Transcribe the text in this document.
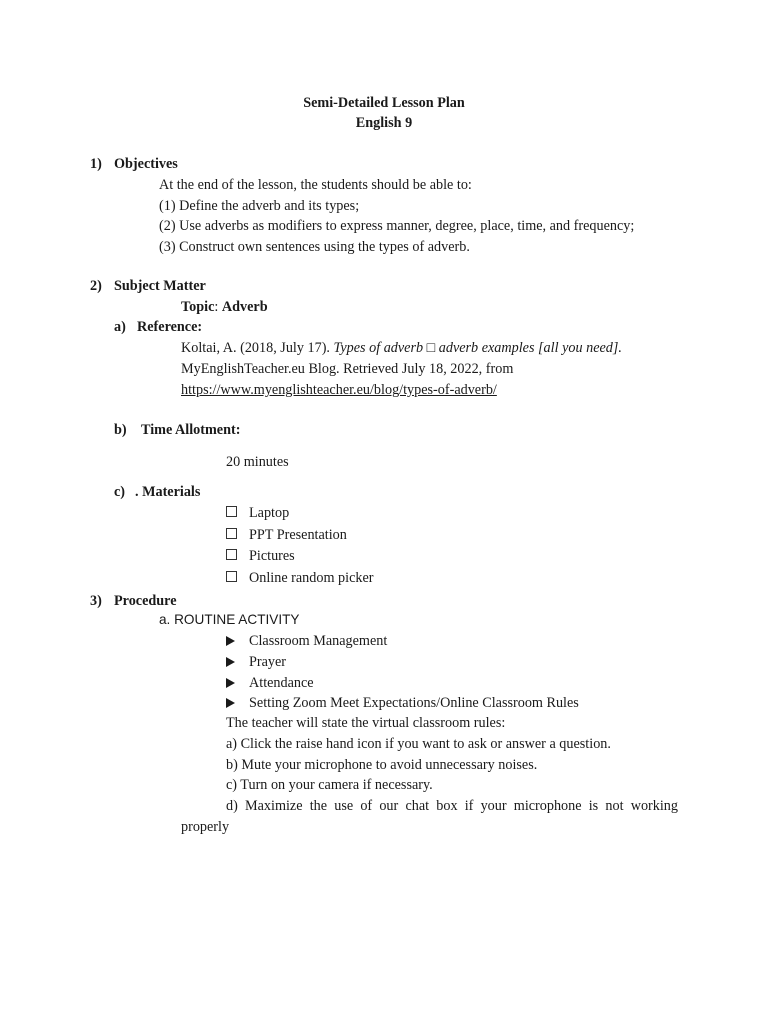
Semi-Detailed Lesson Plan
English 9
1) Objectives
At the end of the lesson, the students should be able to:
(1) Define the adverb and its types;
(2) Use adverbs as modifiers to express manner, degree, place, time, and frequency;
(3) Construct own sentences using the types of adverb.
2) Subject Matter
Topic: Adverb
a) Reference:
Koltai, A. (2018, July 17). Types of adverb □ adverb examples [all you need].
MyEnglishTeacher.eu Blog. Retrieved July 18, 2022, from
https://www.myenglishteacher.eu/blog/types-of-adverb/
b) Time Allotment:
20 minutes
c) . Materials
Laptop
PPT Presentation
Pictures
Online random picker
3) Procedure
a. ROUTINE ACTIVITY
Classroom Management
Prayer
Attendance
Setting Zoom Meet Expectations/Online Classroom Rules
The teacher will state the virtual classroom rules:
a) Click the raise hand icon if you want to ask or answer a question.
b) Mute your microphone to avoid unnecessary noises.
c) Turn on your camera if necessary.
d) Maximize the use of our chat box if your microphone is not working
properly
